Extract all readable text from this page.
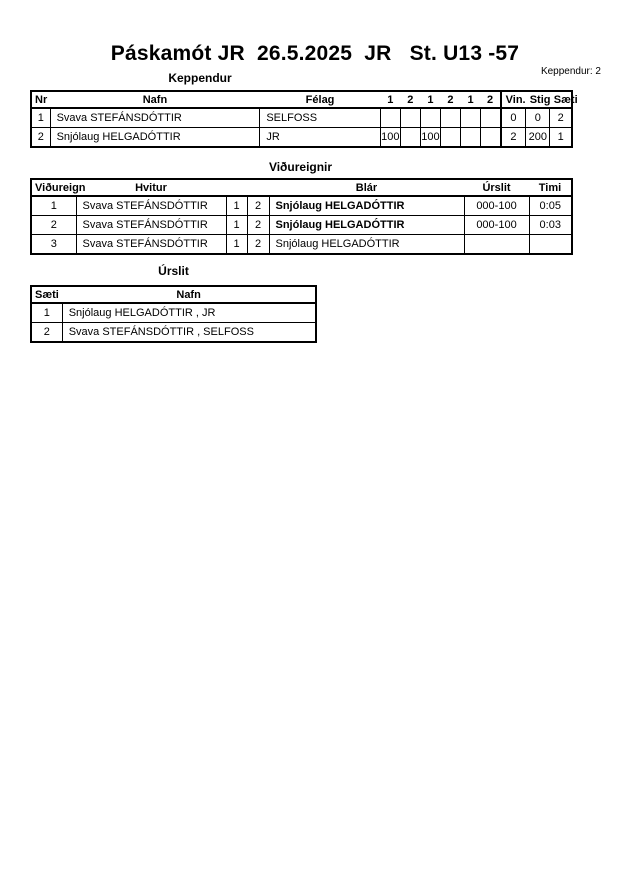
Páskamót JR  26.5.2025  JR   St. U13 -57
Keppendur: 2
Keppendur
Nr	Nafn	Félag	1	2	1	2	1	2	Vin.	Stig	Sæti
1	Svava STEFÁNSDÓTTIR	SELFOSS							0	0	2
2	Snjólaug HELGADÓTTIR	JR	100		100				2	200	1
Viðureignir
Viðureign	Hvitur			Blár	Úrslit	Timi
1	Svava STEFÁNSDÓTTIR	1	2	Snjólaug HELGADÓTTIR	000-100	0:05
2	Svava STEFÁNSDÓTTIR	1	2	Snjólaug HELGADÓTTIR	000-100	0:03
3	Svava STEFÁNSDÓTTIR	1	2	Snjólaug HELGADÓTTIR		
Úrslit
Sæti	Nafn
1	Snjólaug HELGADÓTTIR , JR
2	Svava STEFÁNSDÓTTIR , SELFOSS
